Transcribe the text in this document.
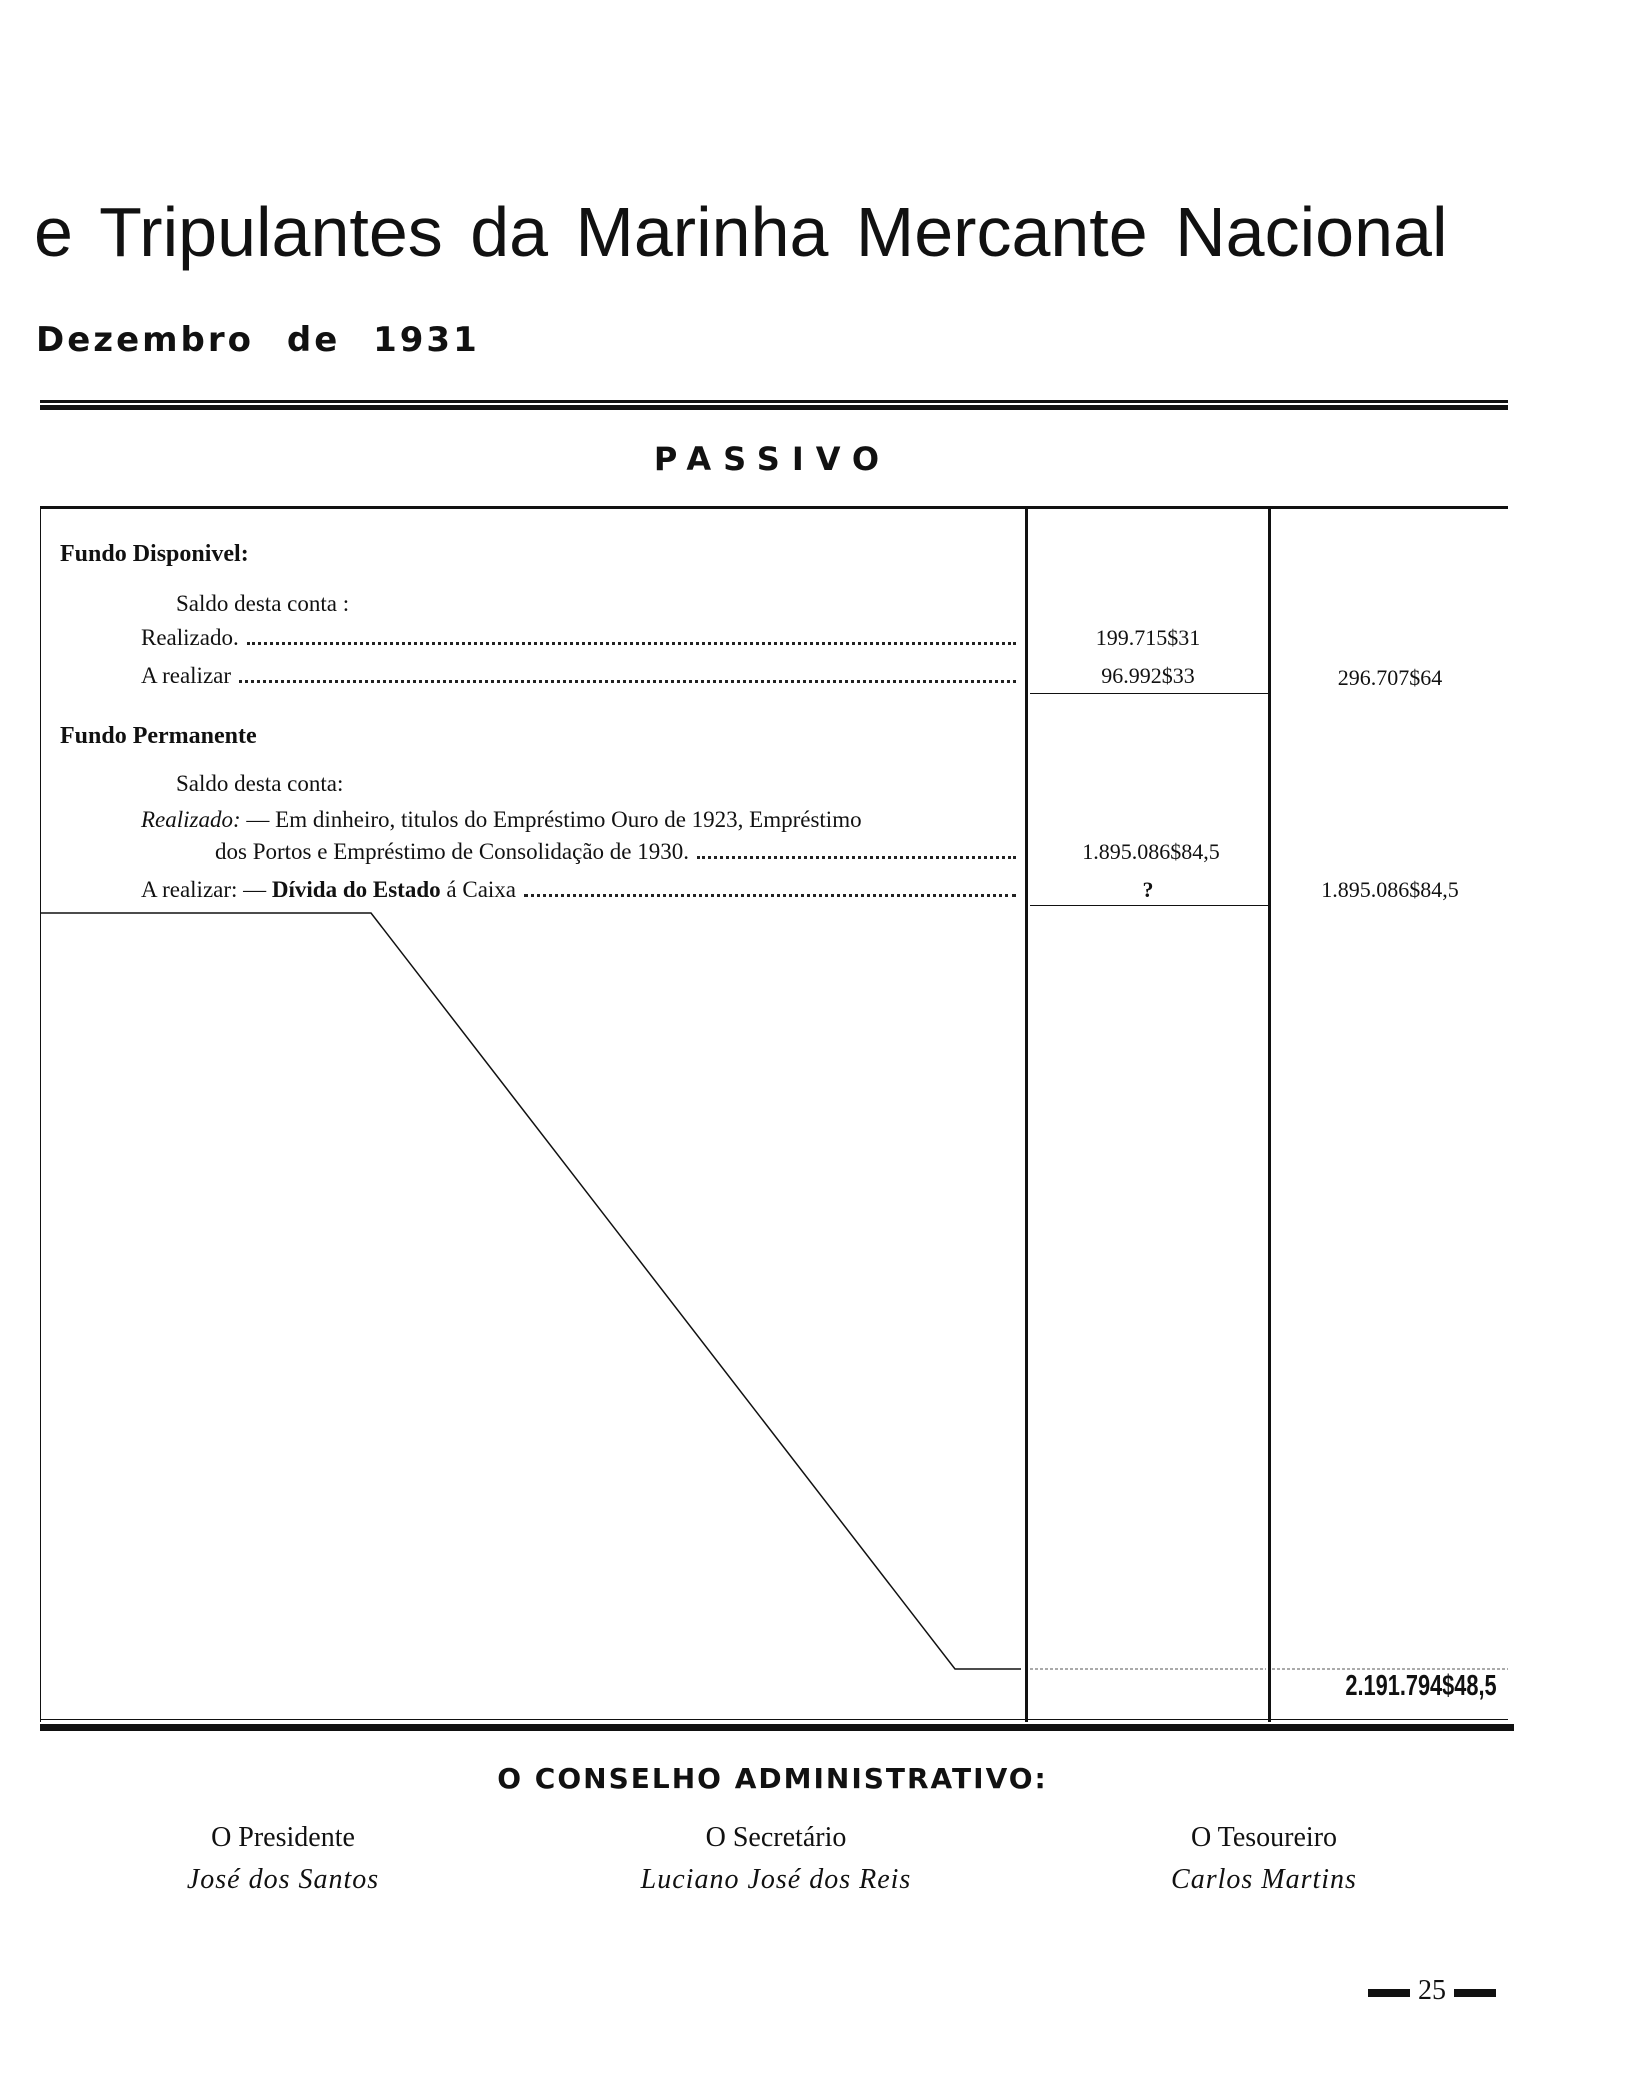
e Tripulantes da Marinha Mercante Nacional
Dezembro de 1931
PASSIVO
Fundo Disponivel:
Saldo desta conta :
Realizado.	199.715$31
A realizar	96.992$33	296.707$64
Fundo Permanente
Saldo desta conta:
Realizado: — Em dinheiro, titulos do Empréstimo Ouro de 1923, Empréstimo
dos Portos e Empréstimo de Consolidação de 1930.	1.895.086$84,5
A realizar: — Dívida do Estado á Caixa	?	1.895.086$84,5
2.191.794$48,5
O CONSELHO ADMINISTRATIVO:
O Presidente
José dos Santos
O Secretário
Luciano José dos Reis
O Tesoureiro
Carlos Martins
25
